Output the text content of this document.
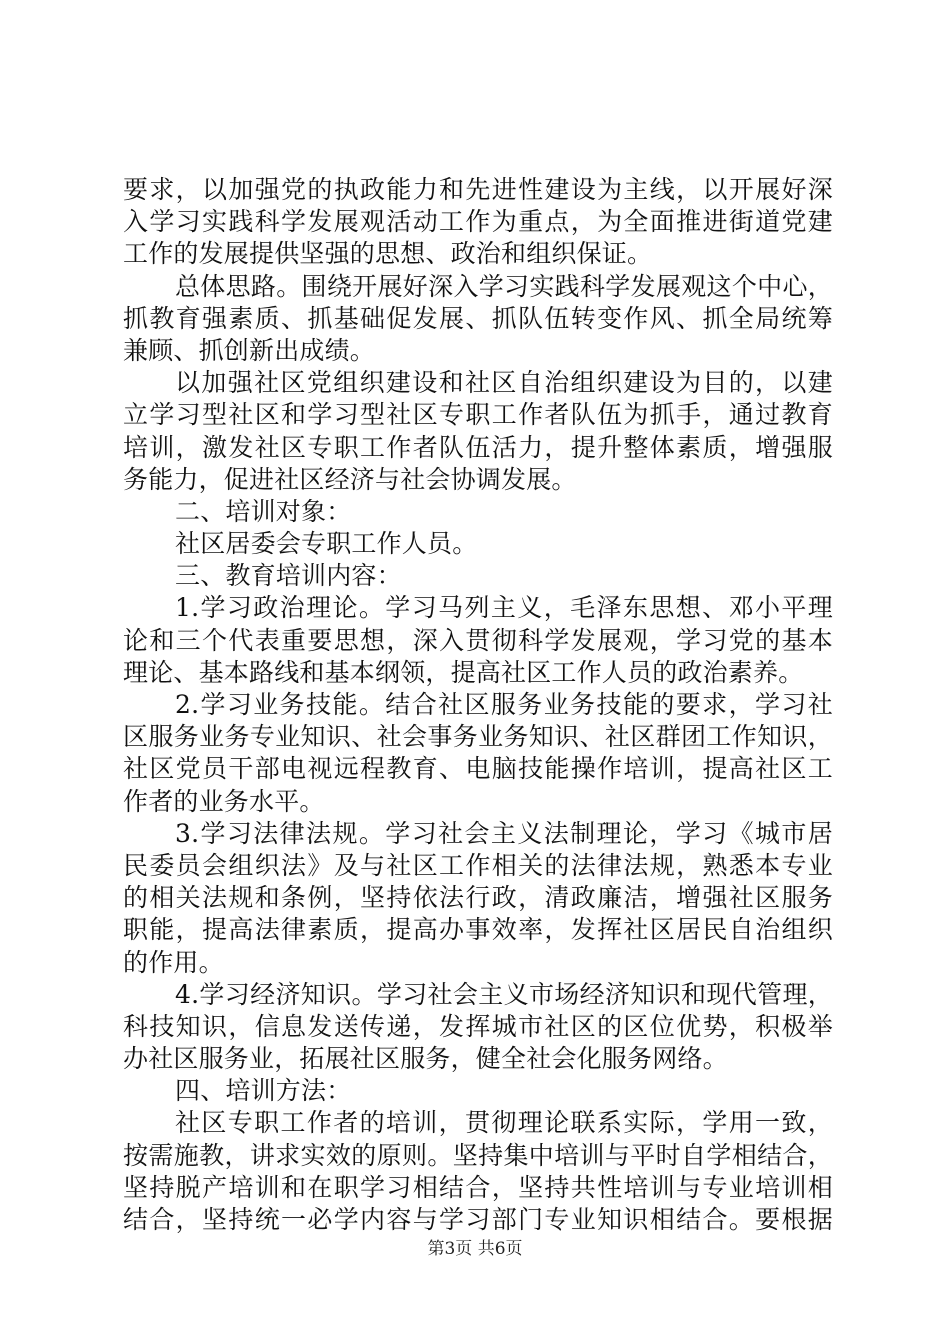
要求，以加强党的执政能力和先进性建设为主线，以开展好深
入学习实践科学发展观活动工作为重点，为全面推进街道党建
工作的发展提供坚强的思想、政治和组织保证。
总体思路。围绕开展好深入学习实践科学发展观这个中心，
抓教育强素质、抓基础促发展、抓队伍转变作风、抓全局统筹
兼顾、抓创新出成绩。
以加强社区党组织建设和社区自治组织建设为目的，以建
立学习型社区和学习型社区专职工作者队伍为抓手，通过教育
培训，激发社区专职工作者队伍活力，提升整体素质，增强服
务能力，促进社区经济与社会协调发展。
二、培训对象：
社区居委会专职工作人员。
三、教育培训内容：
1.学习政治理论。学习马列主义，毛泽东思想、邓小平理
论和三个代表重要思想，深入贯彻科学发展观，学习党的基本
理论、基本路线和基本纲领，提高社区工作人员的政治素养。
2.学习业务技能。结合社区服务业务技能的要求，学习社
区服务业务专业知识、社会事务业务知识、社区群团工作知识，
社区党员干部电视远程教育、电脑技能操作培训，提高社区工
作者的业务水平。
3.学习法律法规。学习社会主义法制理论，学习《城市居
民委员会组织法》及与社区工作相关的法律法规，熟悉本专业
的相关法规和条例，坚持依法行政，清政廉洁，增强社区服务
职能，提高法律素质，提高办事效率，发挥社区居民自治组织
的作用。
4.学习经济知识。学习社会主义市场经济知识和现代管理，
科技知识，信息发送传递，发挥城市社区的区位优势，积极举
办社区服务业，拓展社区服务，健全社会化服务网络。
四、培训方法：
社区专职工作者的培训，贯彻理论联系实际，学用一致，
按需施教，讲求实效的原则。坚持集中培训与平时自学相结合，
坚持脱产培训和在职学习相结合，坚持共性培训与专业培训相
结合，坚持统一必学内容与学习部门专业知识相结合。要根据
第3页 共6页
